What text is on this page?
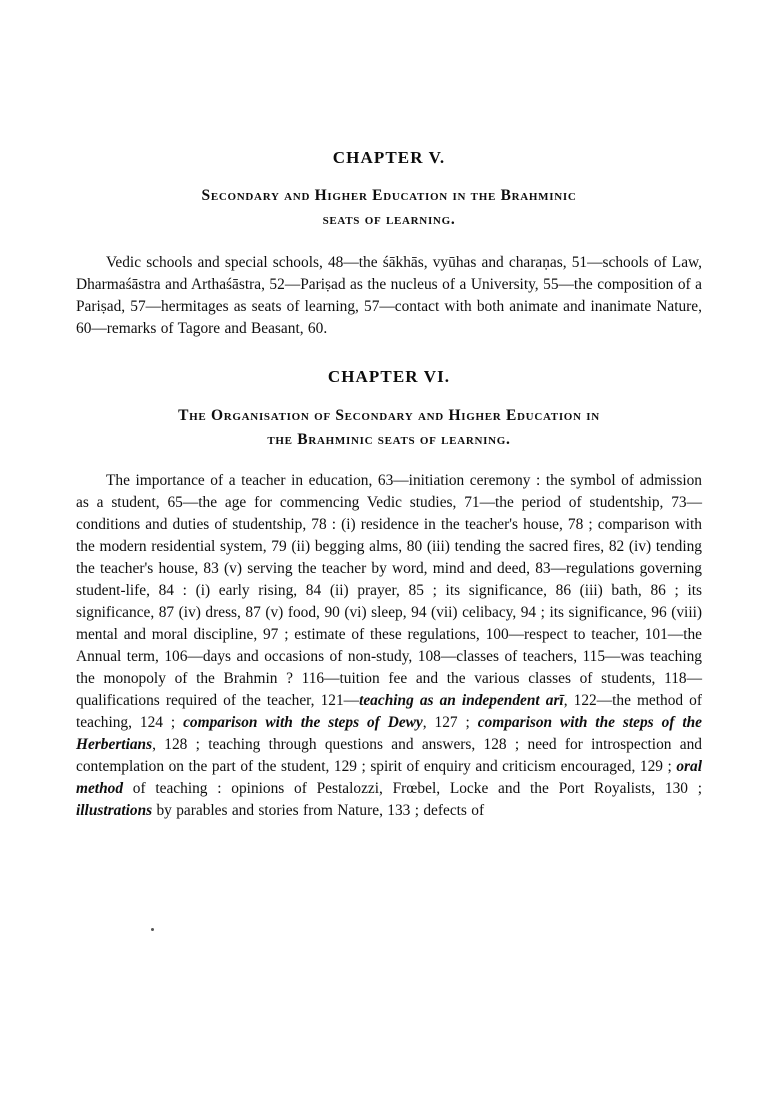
CHAPTER V.
Secondary and Higher Education in the Brahminic
seats of learning.
Vedic schools and special schools, 48—the śākhās, vyūhas and charaṇas, 51—schools of Law, Dharmaśāstra and Arthaśāstra, 52—Pariṣad as the nucleus of a University, 55—the composition of a Pariṣad, 57—hermitages as seats of learning, 57—contact with both animate and inanimate Nature, 60—remarks of Tagore and Beasant, 60.
CHAPTER VI.
The Organisation of Secondary and Higher Education in
the Brahminic seats of learning.
The importance of a teacher in education, 63—initiation ceremony : the symbol of admission as a student, 65—the age for commencing Vedic studies, 71—the period of studentship, 73—conditions and duties of studentship, 78 : (i) residence in the teacher's house, 78 ; comparison with the modern residential system, 79 (ii) begging alms, 80 (iii) tending the sacred fires, 82 (iv) tending the teacher's house, 83 (v) serving the teacher by word, mind and deed, 83—regulations governing student-life, 84 : (i) early rising, 84 (ii) prayer, 85 ; its significance, 86 (iii) bath, 86 ; its significance, 87 (iv) dress, 87 (v) food, 90 (vi) sleep, 94 (vii) celibacy, 94 ; its significance, 96 (viii) mental and moral discipline, 97 ; estimate of these regulations, 100—respect to teacher, 101—the Annual term, 106—days and occasions of non-study, 108—classes of teachers, 115—was teaching the monopoly of the Brahmin ? 116—tuition fee and the various classes of students, 118—qualifications required of the teacher, 121—teaching as an independent arī, 122—the method of teaching, 124 ; comparison with the steps of Dewy, 127 ; comparison with the steps of the Herbertians, 128 ; teaching through questions and answers, 128 ; need for introspection and contemplation on the part of the student, 129 ; spirit of enquiry and criticism encouraged, 129 ; oral method of teaching : opinions of Pestalozzi, Frœbel, Locke and the Port Royalists, 130 ; illustrations by parables and stories from Nature, 133 ; defects of
